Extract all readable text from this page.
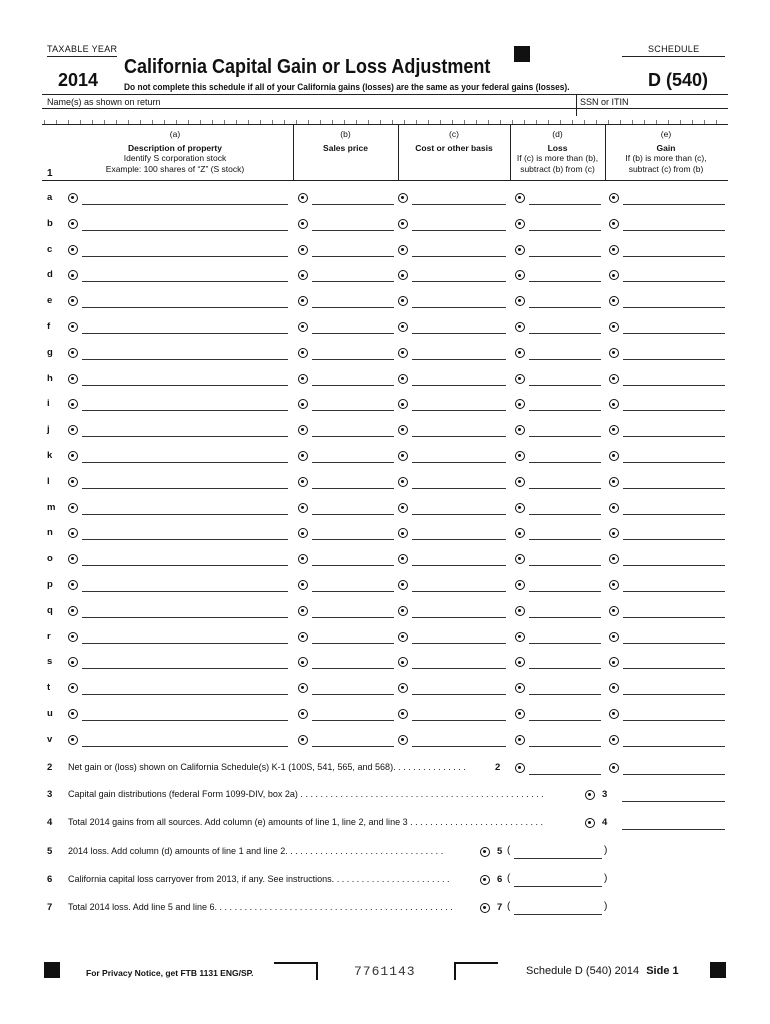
TAXABLE YEAR
2014
California Capital Gain or Loss Adjustment
Do not complete this schedule if all of your California gains (losses) are the same as your federal gains (losses).
SCHEDULE
D (540)
Name(s) as shown on return	SSN or ITIN
(a)
Description of property
Identify S corporation stock
Example: 100 shares of “Z” (S stock)
(b)
Sales price
(c)
Cost or other basis
(d)
Loss
If (c) is more than (b),
subtract (b) from (c)
(e)
Gain
If (b) is more than (c),
subtract (c) from (b)
1
a
b
c
d
e
f
g
h
i
j
k
l
m
n
o
p
q
r
s
t
u
v
2 Net gain or (loss) shown on California Schedule(s) K-1 (100S, 541, 565, and 568). . . . . . . . . . . . . . .	2
3 Capital gain distributions (federal Form 1099-DIV, box 2a) . . . . . . . . . . . . . . . . . . . . . . . . . . . . . . . . . . . . . . . . . . . . . . . . .	3
4 Total 2014 gains from all sources. Add column (e) amounts of line 1, line 2, and line 3 . . . . . . . . . . . . . . . . . . . . . . . . . . .	4
5 2014 loss. Add column (d) amounts of line 1 and line 2. . . . . . . . . . . . . . . . . . . . . . . . . . . . . . . .	5 (	)
6 California capital loss carryover from 2013, if any. See instructions. . . . . . . . . . . . . . . . . . . . . . . .	6 (	)
7 Total 2014 loss. Add line 5 and line 6. . . . . . . . . . . . . . . . . . . . . . . . . . . . . . . . . . . . . . . . . . . . . . . .	7 (	)
For Privacy Notice, get FTB 1131 ENG/SP.	7761143	Schedule D (540) 2014 Side 1
